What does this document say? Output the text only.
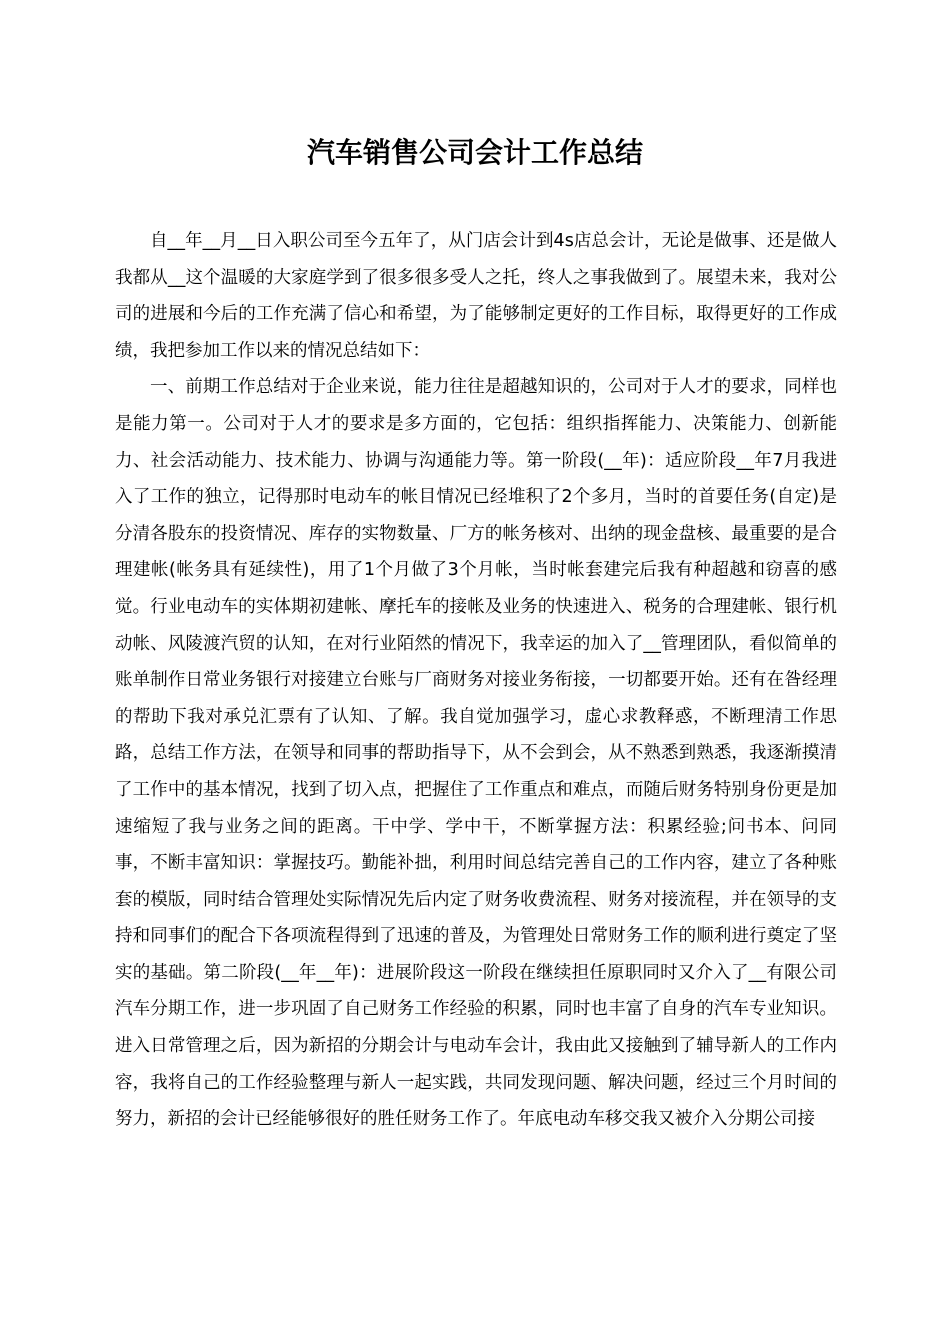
汽车销售公司会计工作总结

自__年__月__日入职公司至今五年了，从门店会计到4s店总会计，无论是做事、还是做人我都从__这个温暖的大家庭学到了很多很多受人之托，终人之事我做到了。展望未来，我对公司的进展和今后的工作充满了信心和希望，为了能够制定更好的工作目标，取得更好的工作成绩，我把参加工作以来的情况总结如下：

一、前期工作总结对于企业来说，能力往往是超越知识的，公司对于人才的要求，同样也是能力第一。公司对于人才的要求是多方面的，它包括：组织指挥能力、决策能力、创新能力、社会活动能力、技术能力、协调与沟通能力等。第一阶段(__年)：适应阶段__年7月我进入了工作的独立，记得那时电动车的帐目情况已经堆积了2个多月，当时的首要任务(自定)是分清各股东的投资情况、库存的实物数量、厂方的帐务核对、出纳的现金盘核、最重要的是合理建帐(帐务具有延续性)，用了1个月做了3个月帐，当时帐套建完后我有种超越和窃喜的感觉。行业电动车的实体期初建帐、摩托车的接帐及业务的快速进入、税务的合理建帐、银行机动帐、风陵渡汽贸的认知，在对行业陌然的情况下，我幸运的加入了__管理团队，看似简单的账单制作日常业务银行对接建立台账与厂商财务对接业务衔接，一切都要开始。还有在昝经理的帮助下我对承兑汇票有了认知、了解。我自觉加强学习，虚心求教释惑，不断理清工作思路，总结工作方法，在领导和同事的帮助指导下，从不会到会，从不熟悉到熟悉，我逐渐摸清了工作中的基本情况，找到了切入点，把握住了工作重点和难点，而随后财务特别身份更是加速缩短了我与业务之间的距离。干中学、学中干，不断掌握方法：积累经验;问书本、问同事，不断丰富知识：掌握技巧。勤能补拙，利用时间总结完善自己的工作内容，建立了各种账套的模版，同时结合管理处实际情况先后内定了财务收费流程、财务对接流程，并在领导的支持和同事们的配合下各项流程得到了迅速的普及，为管理处日常财务工作的顺利进行奠定了坚实的基础。第二阶段(__年__年)：进展阶段这一阶段在继续担任原职同时又介入了__有限公司汽车分期工作，进一步巩固了自己财务工作经验的积累，同时也丰富了自身的汽车专业知识。进入日常管理之后，因为新招的分期会计与电动车会计，我由此又接触到了辅导新人的工作内容，我将自己的工作经验整理与新人一起实践，共同发现问题、解决问题，经过三个月时间的努力，新招的会计已经能够很好的胜任财务工作了。年底电动车移交我又被介入分期公司接
